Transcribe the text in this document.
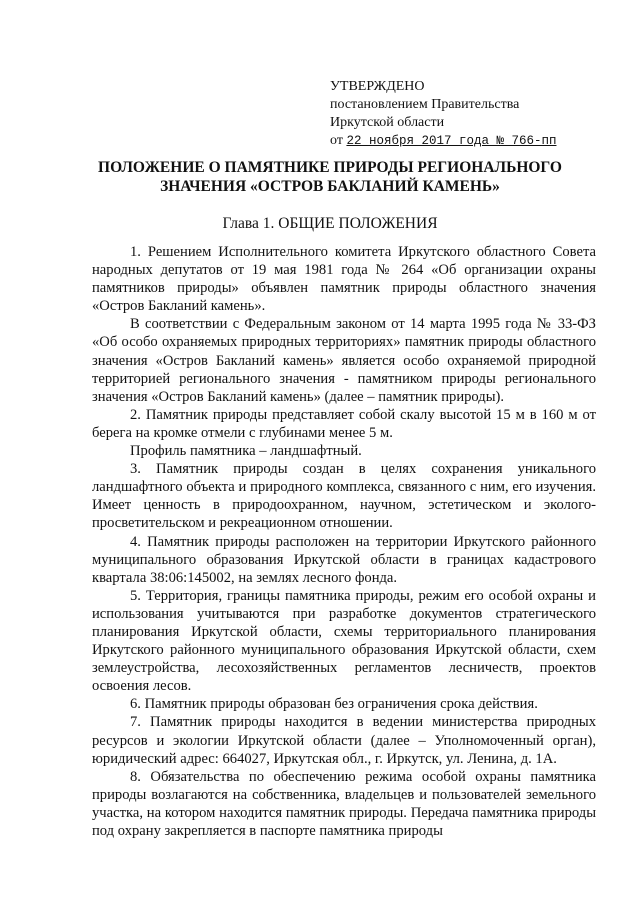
УТВЕРЖДЕНО
постановлением Правительства
Иркутской области
от 22 ноября 2017 года № 766-пп
ПОЛОЖЕНИЕ О ПАМЯТНИКЕ ПРИРОДЫ РЕГИОНАЛЬНОГО
ЗНАЧЕНИЯ «ОСТРОВ БАКЛАНИЙ КАМЕНЬ»
Глава 1. ОБЩИЕ ПОЛОЖЕНИЯ

1. Решением Исполнительного комитета Иркутского областного Совета народных депутатов от 19 мая 1981 года № 264 «Об организации охраны памятников природы» объявлен памятник природы областного значения «Остров Бакланий камень».

В соответствии с Федеральным законом от 14 марта 1995 года № 33-ФЗ «Об особо охраняемых природных территориях» памятник природы областного значения «Остров Бакланий камень» является особо охраняемой природной территорией регионального значения - памятником природы регионального значения «Остров Бакланий камень» (далее – памятник природы).

2. Памятник природы представляет собой скалу высотой 15 м в 160 м от берега на кромке отмели с глубинами менее 5 м.

Профиль памятника – ландшафтный.

3. Памятник природы создан в целях сохранения уникального ландшафтного объекта и природного комплекса, связанного с ним, его изучения. Имеет ценность в природоохранном, научном, эстетическом и эколого-просветительском и рекреационном отношении.

4. Памятник природы расположен на территории Иркутского районного муниципального образования Иркутской области в границах кадастрового квартала 38:06:145002, на землях лесного фонда.

5. Территория, границы памятника природы, режим его особой охраны и использования учитываются при разработке документов стратегического планирования Иркутской области, схемы территориального планирования Иркутского районного муниципального образования Иркутской области, схем землеустройства, лесохозяйственных регламентов лесничеств, проектов освоения лесов.

6. Памятник природы образован без ограничения срока действия.

7. Памятник природы находится в ведении министерства природных ресурсов и экологии Иркутской области (далее – Уполномоченный орган), юридический адрес: 664027, Иркутская обл., г. Иркутск, ул. Ленина, д. 1А.

8. Обязательства по обеспечению режима особой охраны памятника природы возлагаются на собственника, владельцев и пользователей земельного участка, на котором находится памятник природы. Передача памятника природы под охрану закрепляется в паспорте памятника природы
